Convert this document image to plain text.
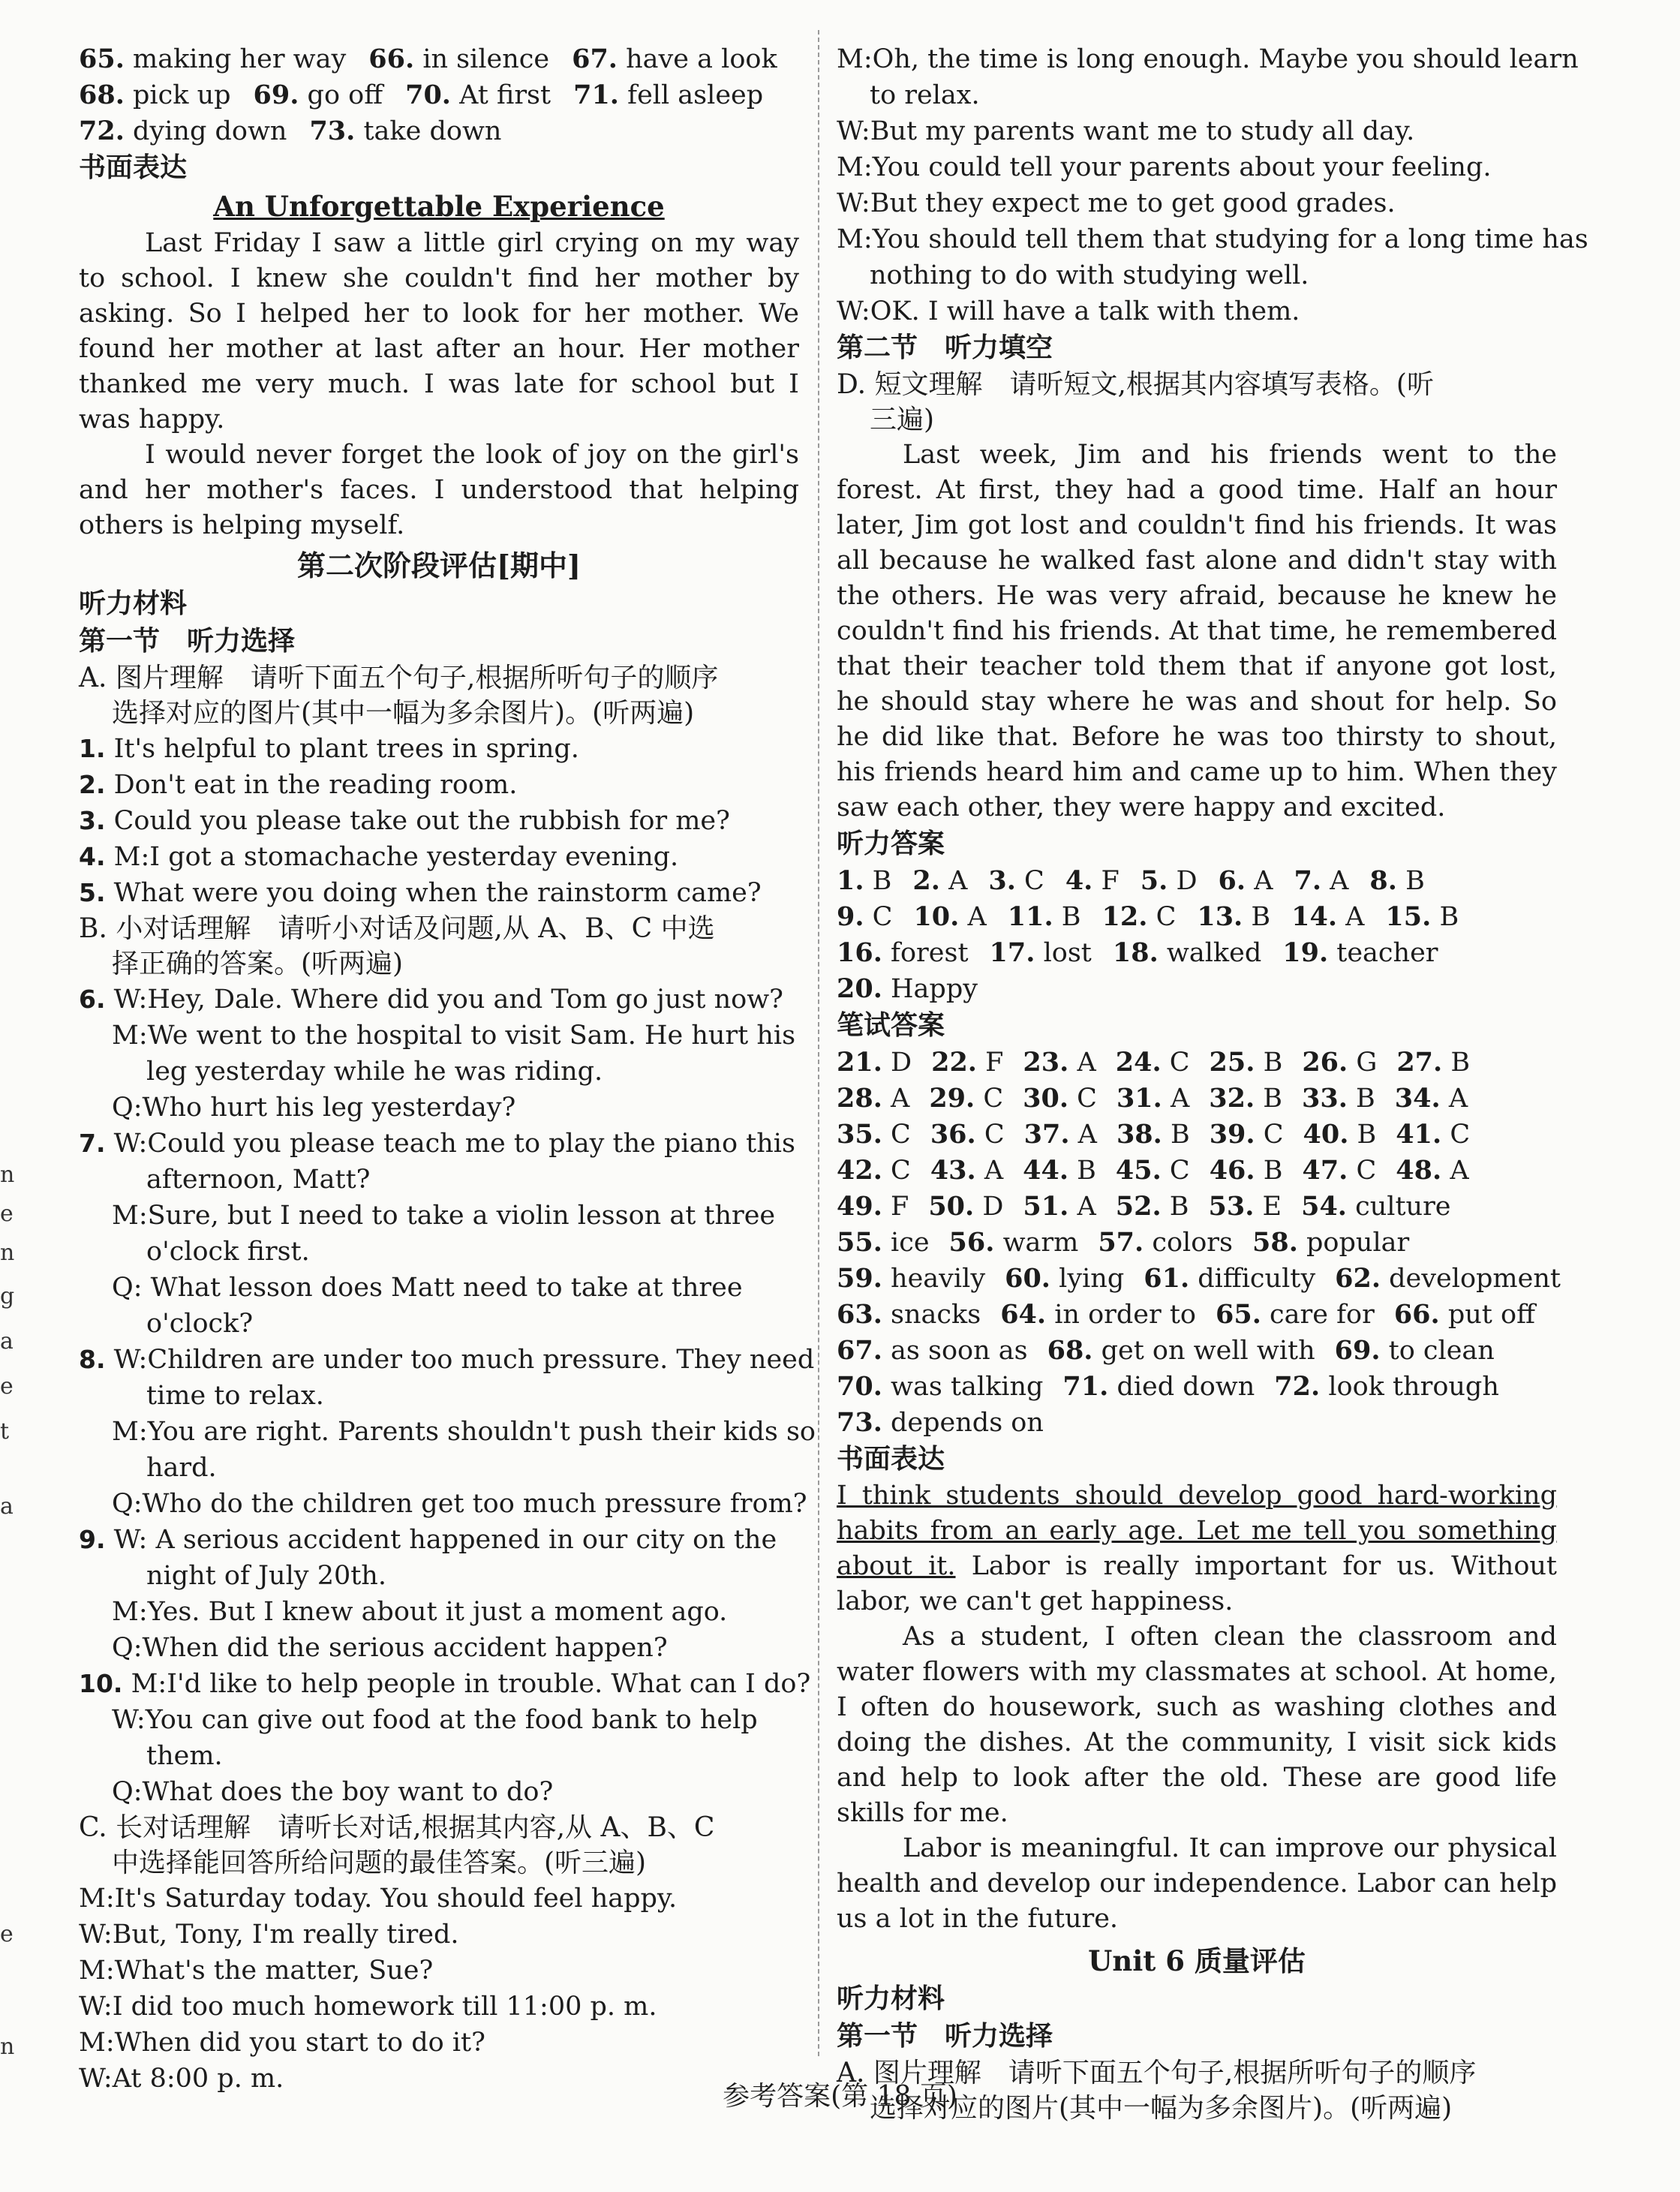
65. making her way 66. in silence 67. have a look
68. pick up 69. go off 70. At first 71. fell asleep
72. dying down 73. take down
书面表达
An Unforgettable Experience

Last Friday I saw a little girl crying on my way to school. I knew she couldn't find her mother by asking. So I helped her to look for her mother. We found her mother at last after an hour. Her mother thanked me very much. I was late for school but I was happy.

I would never forget the look of joy on the girl's and her mother's faces. I understood that helping others is helping myself.

第二次阶段评估[期中]
听力材料
第一节　听力选择
A. 图片理解　请听下面五个句子,根据所听句子的顺序
选择对应的图片(其中一幅为多余图片)。(听两遍)
1. It's helpful to plant trees in spring.
2. Don't eat in the reading room.
3. Could you please take out the rubbish for me?
4. M:I got a stomachache yesterday evening.
5. What were you doing when the rainstorm came?
B. 小对话理解　请听小对话及问题,从 A、B、C 中选
择正确的答案。(听两遍)
6. W:Hey, Dale. Where did you and Tom go just now?
M:We went to the hospital to visit Sam. He hurt his
leg yesterday while he was riding.
Q:Who hurt his leg yesterday?
7. W:Could you please teach me to play the piano this
afternoon, Matt?
M:Sure, but I need to take a violin lesson at three
o'clock first.
Q: What lesson does Matt need to take at three
o'clock?
8. W:Children are under too much pressure. They need
time to relax.
M:You are right. Parents shouldn't push their kids so
hard.
Q:Who do the children get too much pressure from?
9. W: A serious accident happened in our city on the
night of July 20th.
M:Yes. But I knew about it just a moment ago.
Q:When did the serious accident happen?
10. M:I'd like to help people in trouble. What can I do?
W:You can give out food at the food bank to help
them.
Q:What does the boy want to do?
C. 长对话理解　请听长对话,根据其内容,从 A、B、C
中选择能回答所给问题的最佳答案。(听三遍)
M:It's Saturday today. You should feel happy.
W:But, Tony, I'm really tired.
M:What's the matter, Sue?
W:I did too much homework till 11:00 p. m.
M:When did you start to do it?
W:At 8:00 p. m.
M:Oh, the time is long enough. Maybe you should learn
to relax.
W:But my parents want me to study all day.
M:You could tell your parents about your feeling.
W:But they expect me to get good grades.
M:You should tell them that studying for a long time has
nothing to do with studying well.
W:OK. I will have a talk with them.
第二节　听力填空
D. 短文理解　请听短文,根据其内容填写表格。(听
三遍)

Last week, Jim and his friends went to the forest. At first, they had a good time. Half an hour later, Jim got lost and couldn't find his friends. It was all because he walked fast alone and didn't stay with the others. He was very afraid, because he knew he couldn't find his friends. At that time, he remembered that their teacher told them that if anyone got lost, he should stay where he was and shout for help. So he did like that. Before he was too thirsty to shout, his friends heard him and came up to him. When they saw each other, they were happy and excited.

听力答案
1. B 2. A 3. C 4. F 5. D 6. A 7. A 8. B
9. C 10. A 11. B 12. C 13. B 14. A 15. B
16. forest 17. lost 18. walked 19. teacher
20. Happy
笔试答案
21. D 22. F 23. A 24. C 25. B 26. G 27. B
28. A 29. C 30. C 31. A 32. B 33. B 34. A
35. C 36. C 37. A 38. B 39. C 40. B 41. C
42. C 43. A 44. B 45. C 46. B 47. C 48. A
49. F 50. D 51. A 52. B 53. E 54. culture
55. ice 56. warm 57. colors 58. popular
59. heavily 60. lying 61. difficulty 62. development
63. snacks 64. in order to 65. care for 66. put off
67. as soon as 68. get on well with 69. to clean
70. was talking 71. died down 72. look through
73. depends on
书面表达

I think students should develop good hard-working habits from an early age. Let me tell you something about it. Labor is really important for us. Without labor, we can't get happiness.

As a student, I often clean the classroom and water flowers with my classmates at school. At home, I often do housework, such as washing clothes and doing the dishes. At the community, I visit sick kids and help to look after the old. These are good life skills for me.

Labor is meaningful. It can improve our physical health and develop our independence. Labor can help us a lot in the future.

Unit 6 质量评估
听力材料
第一节　听力选择
A. 图片理解　请听下面五个句子,根据所听句子的顺序
选择对应的图片(其中一幅为多余图片)。(听两遍)
参考答案(第 18 页)
n
e
n
g
a
e
t
a
e
n
